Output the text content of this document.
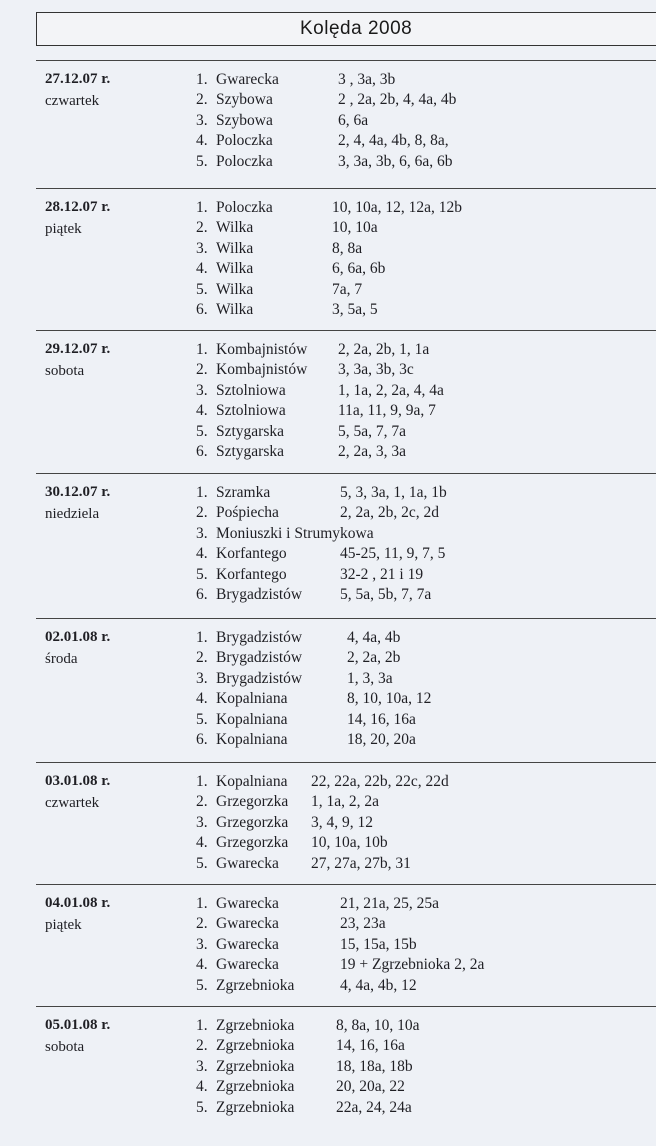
Kolęda 2008
27.12.07 r.
czwartek
1. Gwarecka	3 , 3a, 3b
2. Szybowa	2 , 2a, 2b, 4, 4a, 4b
3. Szybowa	6, 6a
4. Poloczka	2, 4, 4a, 4b, 8, 8a,
5. Poloczka	3, 3a, 3b, 6, 6a, 6b
28.12.07 r.
piątek
1. Poloczka	10, 10a, 12, 12a, 12b
2. Wilka	10, 10a
3. Wilka	8, 8a
4. Wilka	6, 6a, 6b
5. Wilka	7a, 7
6. Wilka	3, 5a, 5
29.12.07 r.
sobota
1. Kombajnistów 2, 2a, 2b, 1, 1a
2. Kombajnistów 3, 3a, 3b, 3c
3. Sztolniowa	1, 1a, 2, 2a, 4, 4a
4. Sztolniowa	11a, 11, 9, 9a, 7
5. Sztygarska	5, 5a, 7, 7a
6. Sztygarska	2, 2a, 3, 3a
30.12.07 r.
niedziela
1. Szramka	5, 3, 3a, 1, 1a, 1b
2. Pośpiecha	2, 2a, 2b, 2c, 2d
3. Moniuszki i Strumykowa
4. Korfantego	45-25, 11, 9, 7, 5
5. Korfantego	32-2 , 21 i 19
6. Brygadzistów 5, 5a, 5b, 7, 7a
02.01.08 r.
środa
1. Brygadzistów	4, 4a, 4b
2. Brygadzistów	2, 2a, 2b
3. Brygadzistów	1, 3, 3a
4. Kopalniana	8, 10, 10a, 12
5. Kopalniana	14, 16, 16a
6. Kopalniana	18, 20, 20a
03.01.08 r.
czwartek
1. Kopalniana 22, 22a, 22b, 22c, 22d
2. Grzegorzka 1, 1a, 2, 2a
3. Grzegorzka 3, 4, 9, 12
4. Grzegorzka 10, 10a, 10b
5. Gwarecka 27, 27a, 27b, 31
04.01.08 r.
piątek
1. Gwarecka	21, 21a, 25, 25a
2. Gwarecka	23, 23a
3. Gwarecka	15, 15a, 15b
4. Gwarecka	19 + Zgrzebnioka 2, 2a
5. Zgrzebnioka	4, 4a, 4b, 12
05.01.08 r.
sobota
1. Zgrzebnioka	8, 8a, 10, 10a
2. Zgrzebnioka	14, 16, 16a
3. Zgrzebnioka	18, 18a, 18b
4. Zgrzebnioka	20, 20a, 22
5. Zgrzebnioka	22a, 24, 24a
